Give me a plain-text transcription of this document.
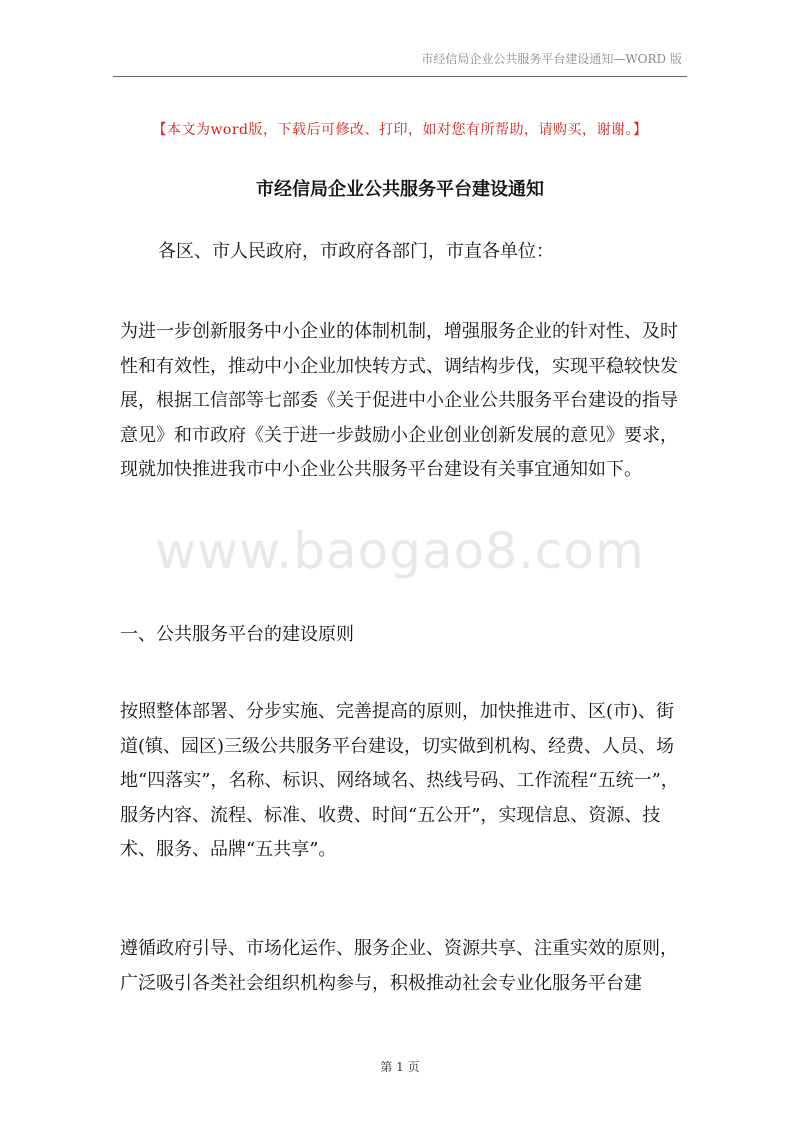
市经信局企业公共服务平台建设通知—WORD 版
【本文为word版，下载后可修改、打印，如对您有所帮助，请购买，谢谢。】
市经信局企业公共服务平台建设通知
各区、市人民政府，市政府各部门，市直各单位：

为进一步创新服务中小企业的体制机制，增强服务企业的针对性、及时性和有效性，推动中小企业加快转方式、调结构步伐，实现平稳较快发展，根据工信部等七部委《关于促进中小企业公共服务平台建设的指导意见》和市政府《关于进一步鼓励小企业创业创新发展的意见》要求，现就加快推进我市中小企业公共服务平台建设有关事宜通知如下。

www.baogao8.com
一、公共服务平台的建设原则

按照整体部署、分步实施、完善提高的原则，加快推进市、区(市)、街道(镇、园区)三级公共服务平台建设，切实做到机构、经费、人员、场地“四落实”，名称、标识、网络域名、热线号码、工作流程“五统一”，服务内容、流程、标准、收费、时间“五公开”，实现信息、资源、技术、服务、品牌“五共享”。

遵循政府引导、市场化运作、服务企业、资源共享、注重实效的原则，广泛吸引各类社会组织机构参与，积极推动社会专业化服务平台建

第 1 页
